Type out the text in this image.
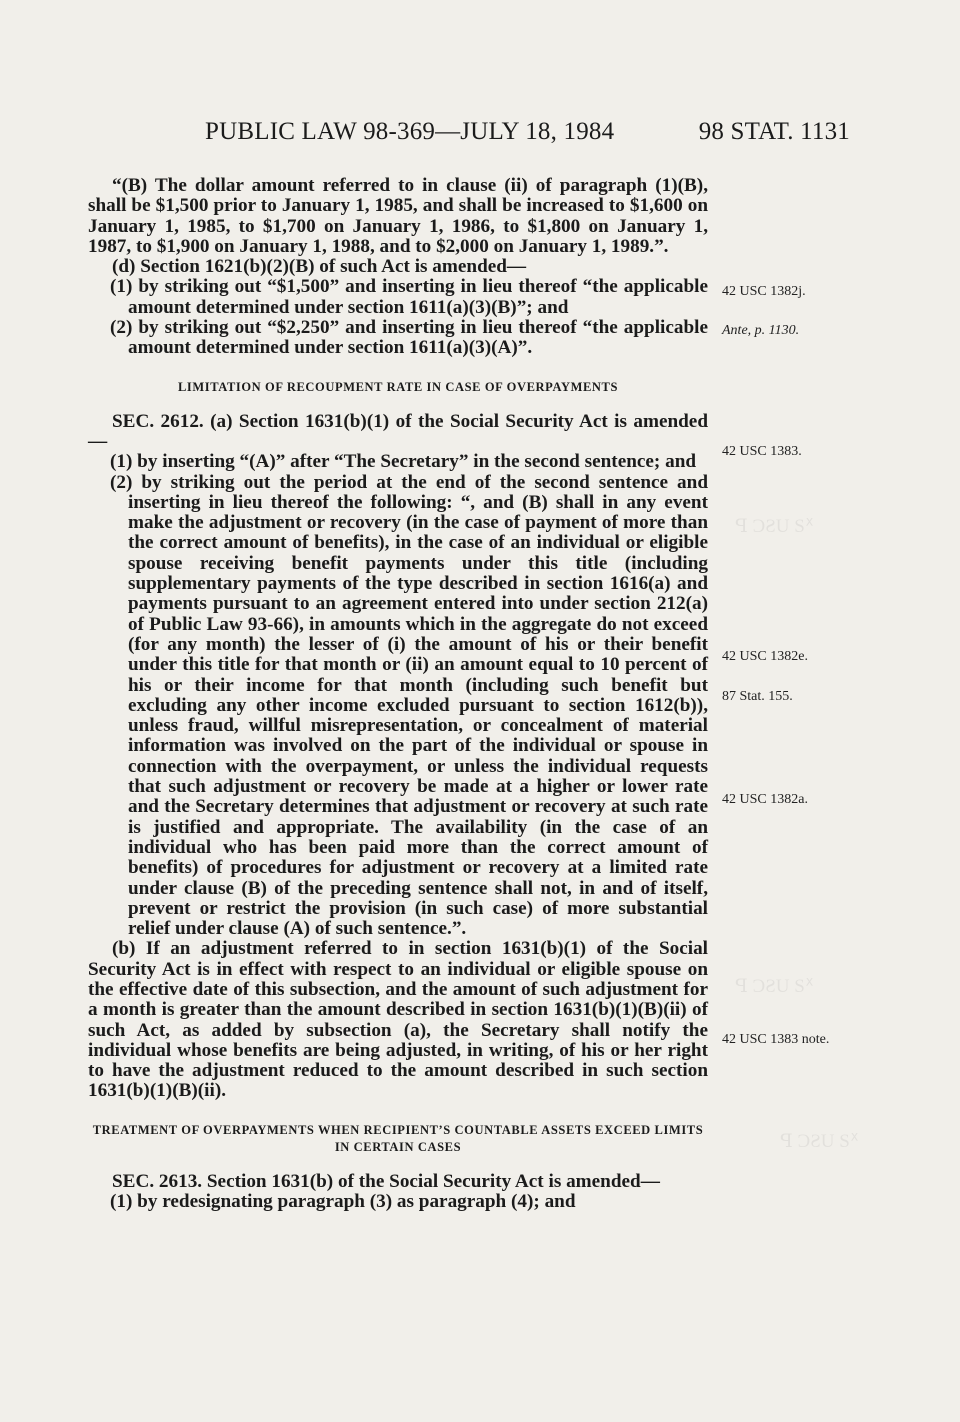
ꟼ ƆƧU Sᕁ
ꟼ ƆƧU Sᕁ
ꟼ ƆƧU Sᕁ
PUBLIC LAW 98-369—JULY 18, 1984	98 STAT. 1131

“(B) The dollar amount referred to in clause (ii) of paragraph (1)(B), shall be $1,500 prior to January 1, 1985, and shall be increased to $1,600 on January 1, 1985, to $1,700 on January 1, 1986, to $1,800 on January 1, 1987, to $1,900 on January 1, 1988, and to $2,000 on January 1, 1989.”.

(d) Section 1621(b)(2)(B) of such Act is amended—

(1) by striking out “$1,500” and inserting in lieu thereof “the applicable amount determined under section 1611(a)(3)(B)”; and

(2) by striking out “$2,250” and inserting in lieu thereof “the applicable amount determined under section 1611(a)(3)(A)”.

LIMITATION OF RECOUPMENT RATE IN CASE OF OVERPAYMENTS

SEC. 2612. (a) Section 1631(b)(1) of the Social Security Act is amended—

(1) by inserting “(A)” after “The Secretary” in the second sentence; and

(2) by striking out the period at the end of the second sentence and inserting in lieu thereof the following: “, and (B) shall in any event make the adjustment or recovery (in the case of payment of more than the correct amount of benefits), in the case of an individual or eligible spouse receiving benefit payments under this title (including supplementary payments of the type described in section 1616(a) and payments pursuant to an agreement entered into under section 212(a) of Public Law 93-66), in amounts which in the aggregate do not exceed (for any month) the lesser of (i) the amount of his or their benefit under this title for that month or (ii) an amount equal to 10 percent of his or their income for that month (including such benefit but excluding any other income excluded pursuant to section 1612(b)), unless fraud, willful misrepresentation, or concealment of material information was involved on the part of the individual or spouse in connection with the overpayment, or unless the individual requests that such adjustment or recovery be made at a higher or lower rate and the Secretary determines that adjustment or recovery at such rate is justified and appropriate. The availability (in the case of an individual who has been paid more than the correct amount of benefits) of procedures for adjustment or recovery at a limited rate under clause (B) of the preceding sentence shall not, in and of itself, prevent or restrict the provision (in such case) of more substantial relief under clause (A) of such sentence.”.

(b) If an adjustment referred to in section 1631(b)(1) of the Social Security Act is in effect with respect to an individual or eligible spouse on the effective date of this subsection, and the amount of such adjustment for a month is greater than the amount described in section 1631(b)(1)(B)(ii) of such Act, as added by subsection (a), the Secretary shall notify the individual whose benefits are being adjusted, in writing, of his or her right to have the adjustment reduced to the amount described in such section 1631(b)(1)(B)(ii).

TREATMENT OF OVERPAYMENTS WHEN RECIPIENT’S COUNTABLE ASSETS EXCEED LIMITS IN CERTAIN CASES

SEC. 2613. Section 1631(b) of the Social Security Act is amended—

(1) by redesignating paragraph (3) as paragraph (4); and

42 USC 1382j.
Ante, p. 1130.
42 USC 1383.
42 USC 1382e.
87 Stat. 155.
42 USC 1382a.
42 USC 1383 note.
